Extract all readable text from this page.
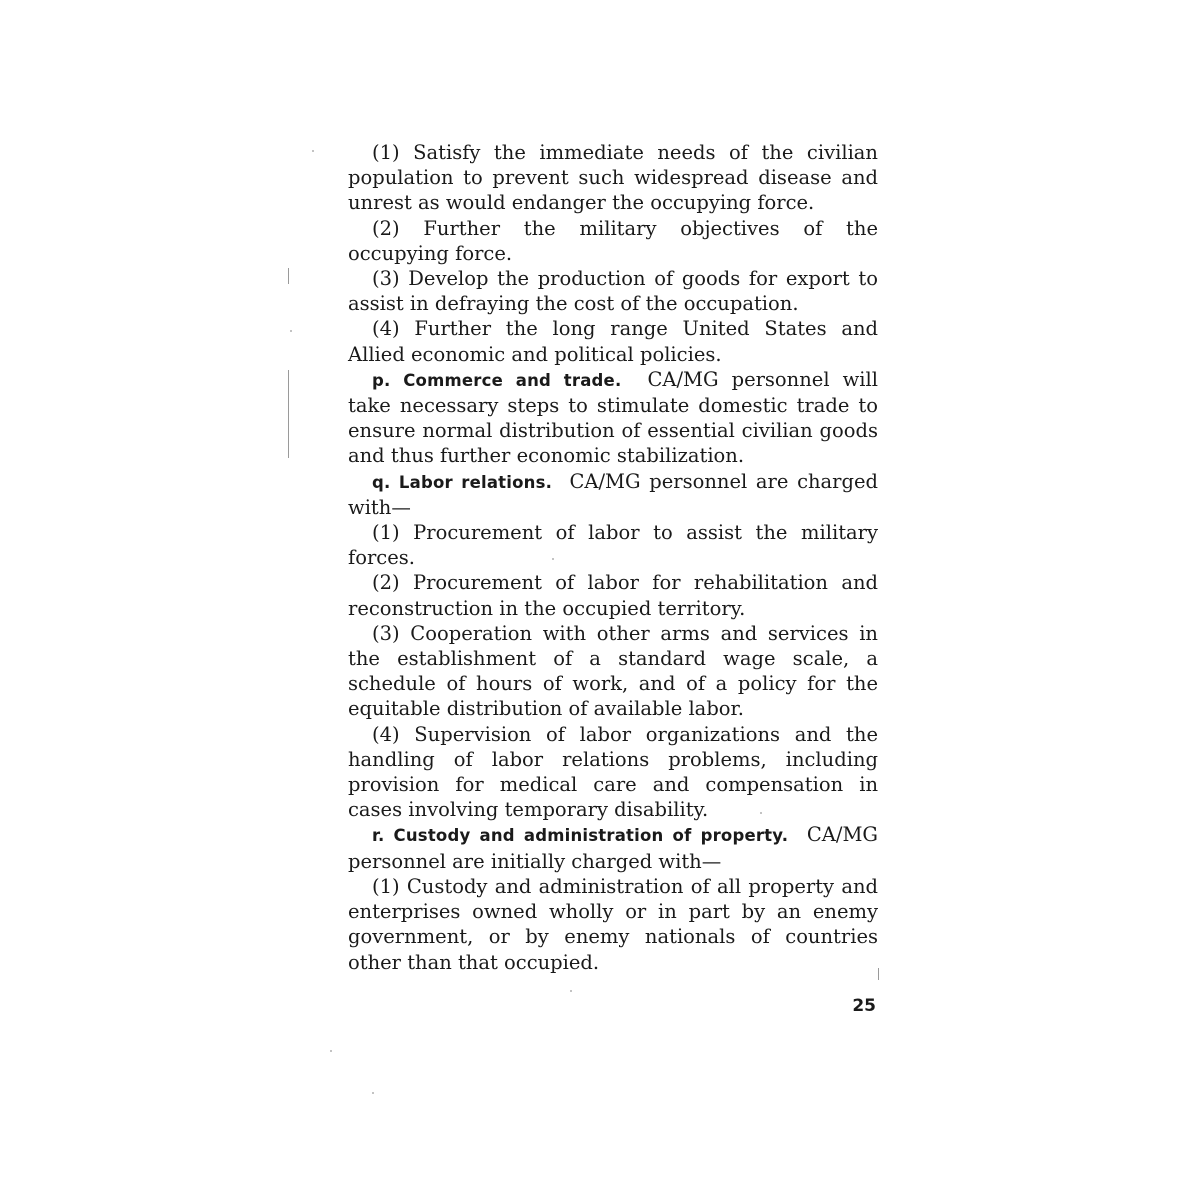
(1) Satisfy the immediate needs of the civilian population to prevent such widespread disease and unrest as would endanger the occupying force.

(2) Further the military objectives of the occupying force.

(3) Develop the production of goods for export to assist in defraying the cost of the occupation.

(4) Further the long range United States and Allied economic and political policies.

p. Commerce and trade. CA/MG personnel will take necessary steps to stimulate domestic trade to ensure normal distribution of essential civilian goods and thus further economic stabilization.

q. Labor relations. CA/MG personnel are charged with—

(1) Procurement of labor to assist the military forces.

(2) Procurement of labor for rehabilitation and reconstruction in the occupied territory.

(3) Cooperation with other arms and services in the establishment of a standard wage scale, a schedule of hours of work, and of a policy for the equitable distribution of available labor.

(4) Supervision of labor organizations and the handling of labor relations problems, including provision for medical care and compensation in cases involving temporary disability.

r. Custody and administration of property. CA/MG personnel are initially charged with—

(1) Custody and administration of all property and enterprises owned wholly or in part by an enemy government, or by enemy nationals of countries other than that occupied.

25
